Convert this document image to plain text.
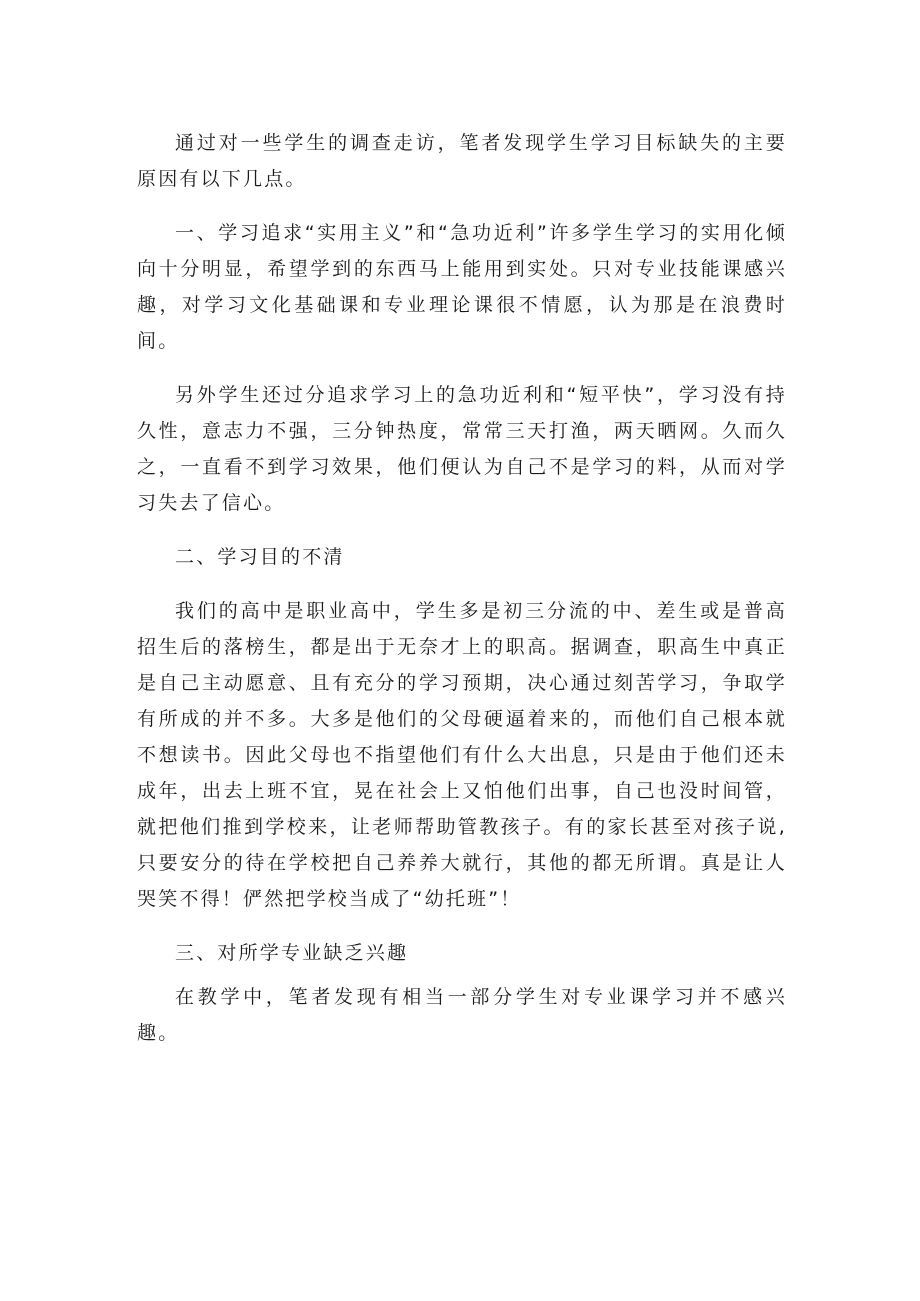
通过对一些学生的调查走访，笔者发现学生学习目标缺失的主要原因有以下几点。

一、学习追求“实用主义”和“急功近利”许多学生学习的实用化倾向十分明显，希望学到的东西马上能用到实处。只对专业技能课感兴趣，对学习文化基础课和专业理论课很不情愿，认为那是在浪费时间。

另外学生还过分追求学习上的急功近利和“短平快”，学习没有持久性，意志力不强，三分钟热度，常常三天打渔，两天晒网。久而久之，一直看不到学习效果，他们便认为自己不是学习的料，从而对学习失去了信心。

二、学习目的不清

我们的高中是职业高中，学生多是初三分流的中、差生或是普高招生后的落榜生，都是出于无奈才上的职高。据调查，职高生中真正是自己主动愿意、且有充分的学习预期，决心通过刻苦学习，争取学有所成的并不多。大多是他们的父母硬逼着来的，而他们自己根本就不想读书。因此父母也不指望他们有什么大出息，只是由于他们还未成年，出去上班不宜，晃在社会上又怕他们出事，自己也没时间管，就把他们推到学校来，让老师帮助管教孩子。有的家长甚至对孩子说,只要安分的待在学校把自己养养大就行，其他的都无所谓。真是让人哭笑不得！俨然把学校当成了“幼托班”！

三、对所学专业缺乏兴趣

在教学中，笔者发现有相当一部分学生对专业课学习并不感兴趣。
